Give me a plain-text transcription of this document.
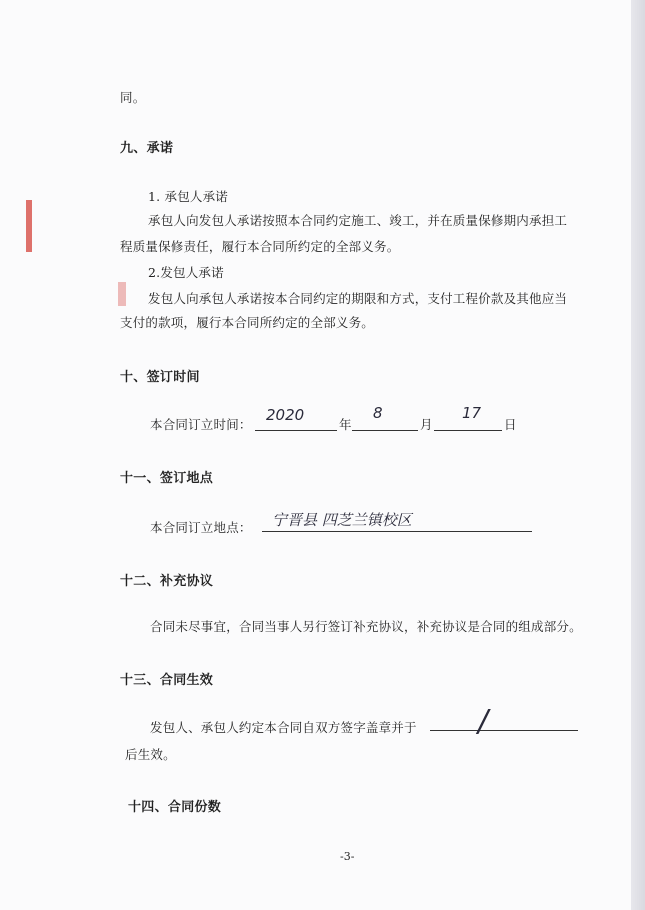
同。
九、承诺
1. 承包人承诺
承包人向发包人承诺按照本合同约定施工、竣工，并在质量保修期内承担工
程质量保修责任，履行本合同所约定的全部义务。
2.发包人承诺
发包人向承包人承诺按本合同约定的期限和方式，支付工程价款及其他应当
支付的款项，履行本合同所约定的全部义务。
十、签订时间
本合同订立时间：
2020
年
8
月
17
日
十一、签订地点
本合同订立地点： 宁晋县 四芝兰镇校区
十二、补充协议
合同未尽事宜，合同当事人另行签订补充协议，补充协议是合同的组成部分。
十三、合同生效
发包人、承包人约定本合同自双方签字盖章并于 /
后生效。
十四、合同份数
-3-
